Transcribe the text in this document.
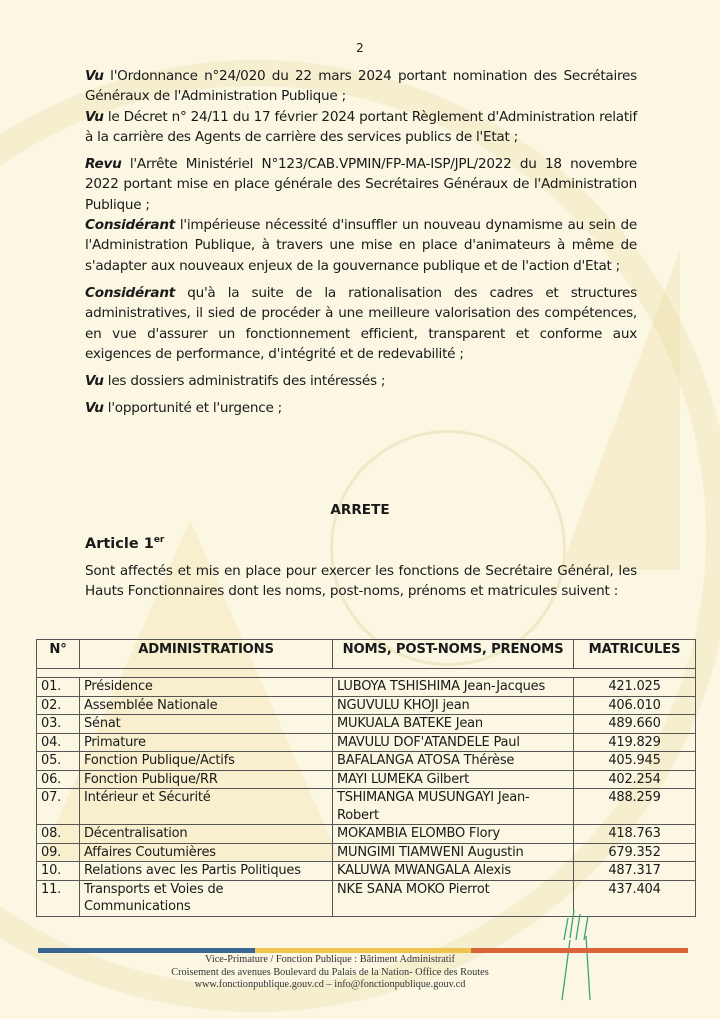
2

Vu l'Ordonnance n°24/020 du 22 mars 2024 portant nomination des Secrétaires Généraux de l'Administration Publique ;

Vu le Décret n° 24/11 du 17 février 2024 portant Règlement d'Administration relatif à la carrière des Agents de carrière des services publics de l'Etat ;

Revu l'Arrête Ministériel N°123/CAB.VPMIN/FP-MA-ISP/JPL/2022 du 18 novembre 2022 portant mise en place générale des Secrétaires Généraux de l'Administration Publique ;

Considérant l'impérieuse nécessité d'insuffler un nouveau dynamisme au sein de l'Administration Publique, à travers une mise en place d'animateurs à même de s'adapter aux nouveaux enjeux de la gouvernance publique et de l'action d'Etat ;

Considérant qu'à la suite de la rationalisation des cadres et structures administratives, il sied de procéder à une meilleure valorisation des compétences, en vue d'assurer un fonctionnement efficient, transparent et conforme aux exigences de performance, d'intégrité et de redevabilité ;

Vu les dossiers administratifs des intéressés ;

Vu l'opportunité et l'urgence ;

ARRETE
Article 1er
Sont affectés et mis en place pour exercer les fonctions de Secrétaire Général, les Hauts Fonctionnaires dont les noms, post-noms, prénoms et matricules suivent :
N°	ADMINISTRATIONS	NOMS, POST-NOMS, PRENOMS	MATRICULES

01.	Présidence	LUBOYA TSHISHIMA Jean-Jacques	421.025
02.	Assemblée Nationale	NGUVULU KHOJI jean	406.010
03.	Sénat	MUKUALA BATEKE Jean	489.660
04.	Primature	MAVULU DOF'ATANDELE Paul	419.829
05.	Fonction Publique/Actifs	BAFALANGA ATOSA Thérèse	405.945
06.	Fonction Publique/RR	MAYI LUMEKA Gilbert	402.254
07.	Intérieur et Sécurité	TSHIMANGA MUSUNGAYI Jean-Robert	488.259
08.	Décentralisation	MOKAMBIA ELOMBO Flory	418.763
09.	Affaires Coutumières	MUNGIMI TIAMWENI Augustin	679.352
10.	Relations avec les Partis Politiques	KALUWA MWANGALA Alexis	487.317
11.	Transports et Voies de Communications	NKE SANA MOKO Pierrot	437.404
Vice-Primature / Fonction Publique : Bâtiment Administratif
Croisement des avenues Boulevard du Palais de la Nation- Office des Routes
www.fonctionpublique.gouv.cd – info@fonctionpublique.gouv.cd
